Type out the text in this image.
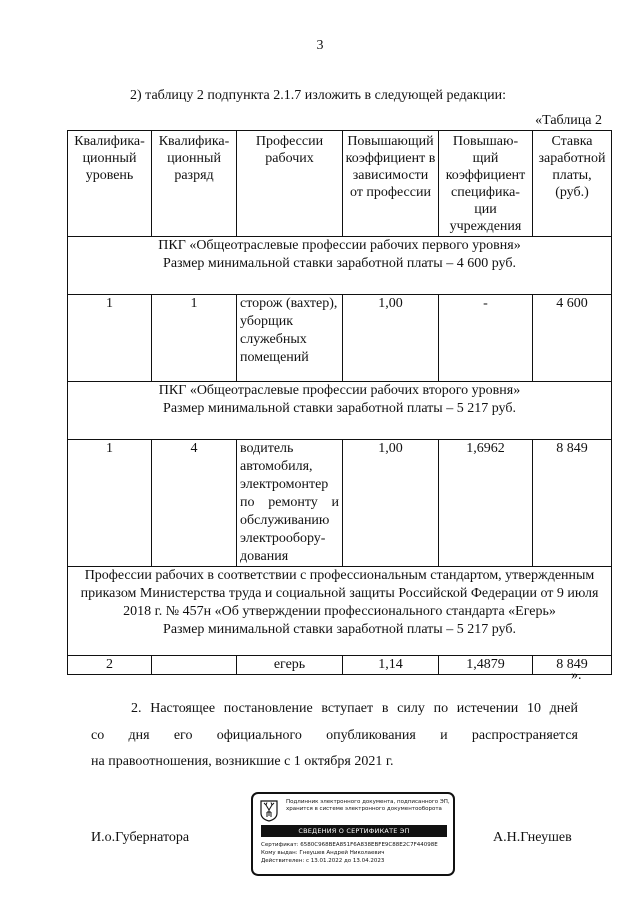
3
2) таблицу 2 подпункта 2.1.7 изложить в следующей редакции:
«Таблица 2
Квалифика-ционный уровень	Квалифика-ционный разряд	Профессии рабочих	Повышающий коэффициент в зависимости от профессии	Повышаю-щий коэффициент специфика-ции учреждения	Ставка заработной платы, (руб.)

ПКГ «Общеотраслевые профессии рабочих первого уровня»
Размер минимальной ставки заработной платы – 4 600 руб.					

1	1	сторож (вахтер), уборщик служебных помещений	1,00	-	4 600

ПКГ «Общеотраслевые профессии рабочих второго уровня»
Размер минимальной ставки заработной платы – 5 217 руб.					

1	4	водитель автомобиля, электромонтер по ремонту и обслуживанию электрообору-дования	1,00	1,6962	8 849

Профессии рабочих в соответствии с профессиональным стандартом, утвержденным приказом Министерства труда и социальной защиты Российской Федерации от 9 июля 2018 г. № 457н «Об утверждении профессионального стандарта «Егерь»
Размер минимальной ставки заработной платы – 5 217 руб.					

2		егерь	1,14	1,4879	8 849
».
2. Настоящее постановление вступает в силу по истечении 10 дней
со дня его официального опубликования и распространяется
на правоотношения, возникшие с 1 октября 2021 г.
И.о.Губернатора	А.Н.Гнеушев
Подлинник электронного документа, подписанного ЭП,
хранится в системе электронного документооборота
СВЕДЕНИЯ О СЕРТИФИКАТЕ ЭП
Сертификат: 6580C968BEA851F6A838EBFE9C88E2C7F44098E
Кому выдан: Гнеушев Андрей Николаевич
Действителен: с 13.01.2022 до 13.04.2023
